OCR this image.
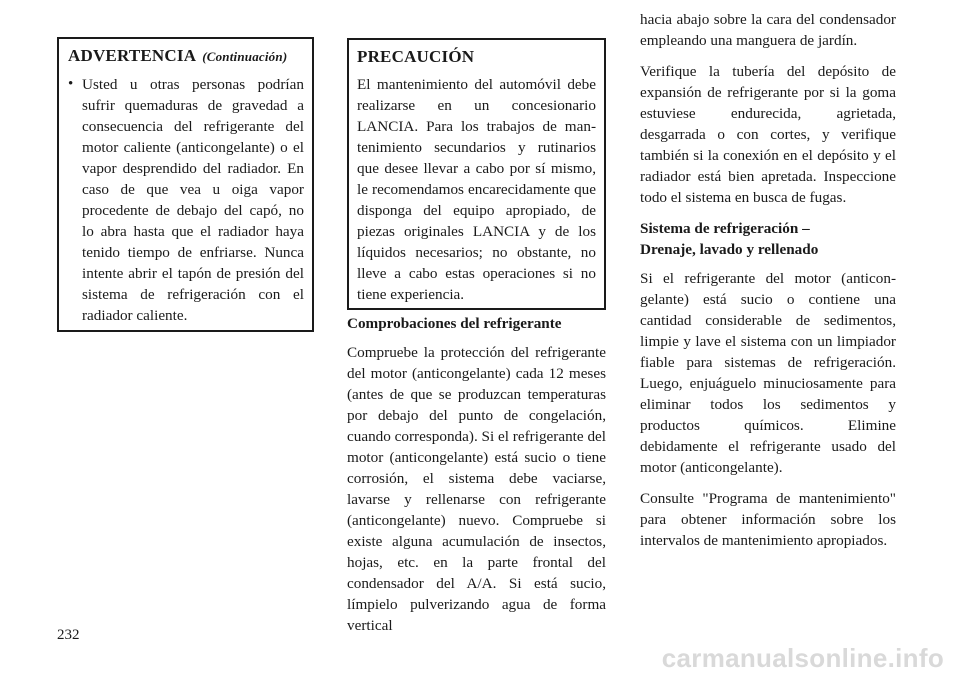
ADVERTENCIA (Continuación)
• Usted u otras personas podrían sufrir quemaduras de gravedad a consecuencia del refrigerante del motor caliente (anticongelante) o el vapor desprendido del radiador. En caso de que vea u oiga vapor procedente de debajo del capó, no lo abra hasta que el radiador haya tenido tiempo de enfriarse. Nunca intente abrir el tapón de presión del sistema de refrigeración con el radiador caliente.

PRECAUCIÓN

El mantenimiento del automóvil debe realizarse en un concesionario LANCIA. Para los trabajos de mantenimiento secundarios y rutinarios que desee llevar a cabo por sí mismo, le recomendamos encarecidamente que disponga del equipo apropiado, de piezas originales LANCIA y de los líquidos necesarios; no obstante, no lleve a cabo estas operaciones si no tiene experiencia.

Comprobaciones del refrigerante

Compruebe la protección del refrigerante del motor (anticongelante) cada 12 meses (antes de que se produzcan temperaturas por debajo del punto de congelación, cuando corresponda). Si el refrigerante del motor (anticongelante) está sucio o tiene corrosión, el sistema debe vaciarse, lavarse y rellenarse con refrigerante (anticongelante) nuevo. Compruebe si existe alguna acumulación de insectos, hojas, etc. en la parte frontal del condensador del A/A. Si está sucio, límpielo pulverizando agua de forma vertical

hacia abajo sobre la cara del condensador empleando una manguera de jardín.

Verifique la tubería del depósito de expansión de refrigerante por si la goma estuviese endurecida, agrietada, desgarrada o con cortes, y verifique también si la conexión en el depósito y el radiador está bien apretada. Inspeccione todo el sistema en busca de fugas.

Sistema de refrigeración –
Drenaje, lavado y rellenado

Si el refrigerante del motor (anticongelante) está sucio o contiene una cantidad considerable de sedimentos, limpie y lave el sistema con un limpiador fiable para sistemas de refrigeración. Luego, enjuáguelo minuciosamente para eliminar todos los sedimentos y productos químicos. Elimine debidamente el refrigerante usado del motor (anticongelante).

Consulte "Programa de mantenimiento" para obtener información sobre los intervalos de mantenimiento apropiados.

232
carmanualsonline.info
